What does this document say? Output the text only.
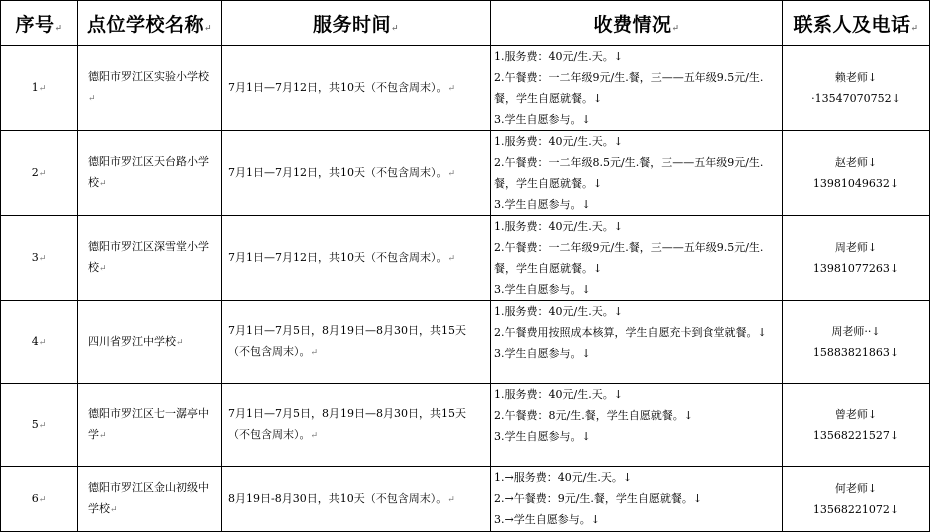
序号↵	点位学校名称↵	服务时间↵	收费情况↵	联系人及电话↵
1↵	德阳市罗江区实验小学校↵	7月1日—7月12日，共10天（不包含周末）。↵	1.服务费：40元/生.天。↓
2.午餐费：一二年级9元/生.餐，三——五年级9.5元/生.餐，学生自愿就餐。↓
3.学生自愿参与。↓	赖老师↓
·13547070752↓

2↵	德阳市罗江区天台路小学校↵	7月1日—7月12日，共10天（不包含周末）。↵	1.服务费：40元/生.天。↓
2.午餐费：一二年级8.5元/生.餐，三——五年级9元/生.餐，学生自愿就餐。↓
3.学生自愿参与。↓	赵老师↓
13981049632↓

3↵	德阳市罗江区深雪堂小学校↵	7月1日—7月12日，共10天（不包含周末）。↵	1.服务费：40元/生.天。↓
2.午餐费：一二年级9元/生.餐，三——五年级9.5元/生.餐，学生自愿就餐。↓
3.学生自愿参与。↓	周老师↓
13981077263↓

4↵	四川省罗江中学校↵	7月1日—7月5日，8月19日—8月30日，共15天（不包含周末）。↵	1.服务费：40元/生.天。↓
2.午餐费用按照成本核算，学生自愿充卡到食堂就餐。↓
3.学生自愿参与。↓	周老师··↓
15883821863↓

5↵	德阳市罗江区七一潺亭中学↵	7月1日—7月5日，8月19日—8月30日，共15天（不包含周末）。↵	1.服务费：40元/生.天。↓
2.午餐费：8元/生.餐，学生自愿就餐。↓
3.学生自愿参与。↓	曾老师↓
13568221527↓

6↵	德阳市罗江区金山初级中学校↵	8月19日-8月30日，共10天（不包含周末）。↵	1.→服务费：40元/生.天。↓
2.→午餐费：9元/生.餐，学生自愿就餐。↓
3.→学生自愿参与。↓	何老师↓
13568221072↓
